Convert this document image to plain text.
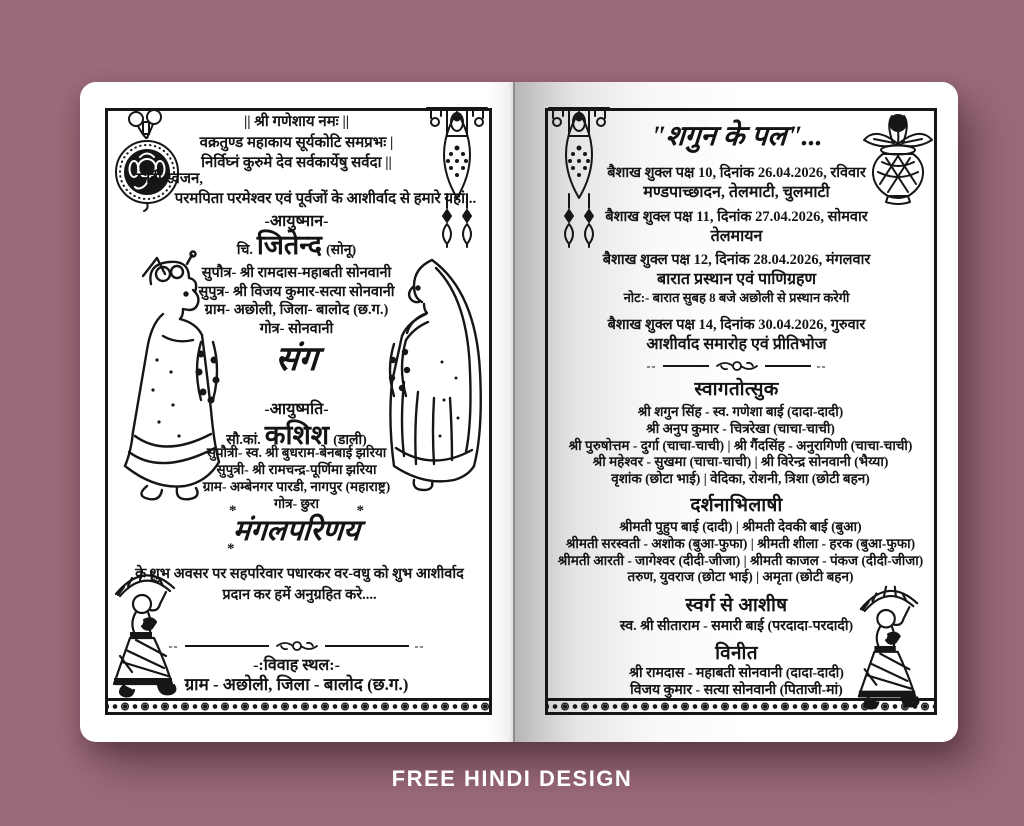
|| श्री गणेशाय नमः ||
वक्रतुण्ड महाकाय सूर्यकोटि समप्रभः |
निर्विघ्नं कुरुमे देव सर्वकार्येषु सर्वदा ||
स्नेही स्वजन,
परमपिता परमेश्वर एवं पूर्वजों के आशीर्वाद से हमारे यहां...
-आयुष्मान-
चि. जितेन्द (सोनू)
सुपौत्र- श्री रामदास-महाबती सोनवानी
सुपुत्र- श्री विजय कुमार-सत्या सोनवानी
ग्राम- अछोली, जिला- बालोद (छ.ग.)
गोत्र- सोनवानी
संग
-आयुष्मति-
सौ.कां. कशिश (डाली)
सुपौत्री- स्व. श्री बुधराम-बेनबाई झरिया
सुपुत्री- श्री रामचन्द्र-पूर्णिमा झरिया
ग्राम- अम्बेनगर पारडी, नागपुर (महाराष्ट्र)
गोत्र- छुरा
*	*
*
मंगलपरिणय
के शुभ अवसर पर सहपरिवार पधारकर वर-वधु को शुभ आशीर्वाद
प्रदान कर हमें अनुग्रहित करे....
--	--
-:विवाह स्थल:-
ग्राम - अछोली, जिला - बालोद (छ.ग.)
"शगुन के पल"...
बैशाख शुक्ल पक्ष 10, दिनांक 26.04.2026, रविवार
मण्डपाच्छादन, तेलमाटी, चुलमाटी
बैशाख शुक्ल पक्ष 11, दिनांक 27.04.2026, सोमवार
तेलमायन
बैशाख शुक्ल पक्ष 12, दिनांक 28.04.2026, मंगलवार
बारात प्रस्थान एवं पाणिग्रहण
नोट:- बारात सुबह 8 बजे अछोली से प्रस्थान करेगी
बैशाख शुक्ल पक्ष 14, दिनांक 30.04.2026, गुरुवार
आशीर्वाद समारोह एवं प्रीतिभोज
--	--
स्वागतोत्सुक
श्री शगुन सिंह - स्व. गणेशा बाई (दादा-दादी)
श्री अनुप कुमार - चित्ररेखा (चाचा-चाची)
श्री पुरुषोत्तम - दुर्गा (चाचा-चाची) | श्री गैंदसिंह - अनुरागिणी (चाचा-चाची)
श्री महेश्वर - सुखमा (चाचा-चाची) | श्री विरेन्द्र सोनवानी (भैय्या)
वृशांक (छोटा भाई) | वेदिका, रोशनी, त्रिशा (छोटी बहन)
दर्शनाभिलाषी
श्रीमती पुहुप बाई (दादी) | श्रीमती देवकी बाई (बुआ)
श्रीमती सरस्वती - अशोक (बुआ-फुफा) | श्रीमती शीला - हरक (बुआ-फुफा)
श्रीमती आरती - जागेश्वर (दीदी-जीजा) | श्रीमती काजल - पंकज (दीदी-जीजा)
तरुण, युवराज (छोटा भाई) | अमृता (छोटी बहन)
स्वर्ग से आशीष
स्व. श्री सीताराम - समारी बाई (परदादा-परदादी)
विनीत
श्री रामदास - महाबती सोनवानी (दादा-दादी)
विजय कुमार - सत्या सोनवानी (पिताजी-मां)
FREE HINDI DESIGN
